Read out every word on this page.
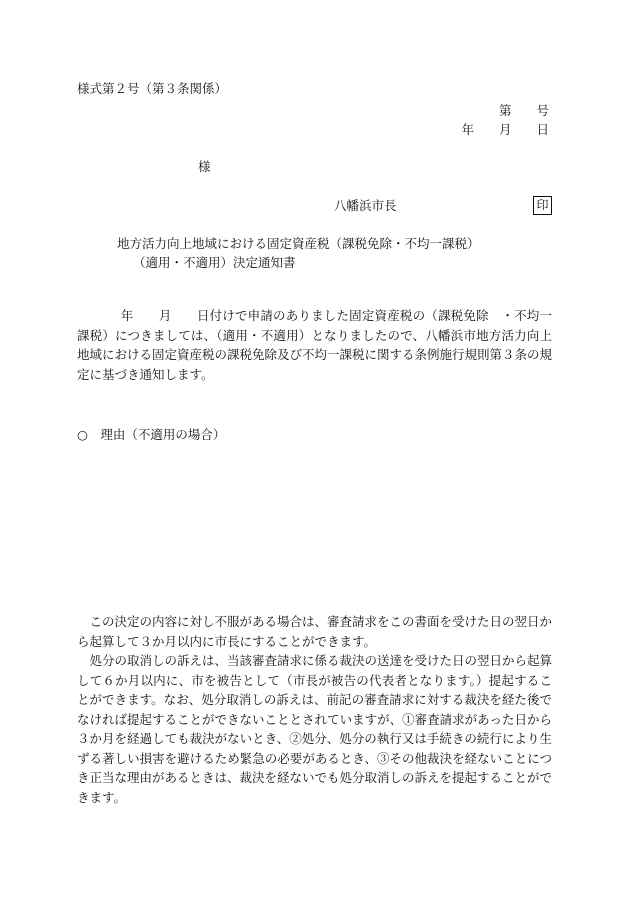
様式第２号（第３条関係）
第　　号
年　　月　　日
様
八幡浜市長	印
地方活力向上地域における固定資産税（課税免除・不均一課税）
（適用・不適用）決定通知書
年　　月　　日付けで申請のありました固定資産税の（課税免除　・不均一課税）につきましては、（適用・不適用）となりましたので、八幡浜市地方活力向上地域における固定資産税の課税免除及び不均一課税に関する条例施行規則第３条の規定に基づき通知します。
○　理由（不適用の場合）
この決定の内容に対し不服がある場合は、審査請求をこの書面を受けた日の翌日から起算して３か月以内に市長にすることができます。
処分の取消しの訴えは、当該審査請求に係る裁決の送達を受けた日の翌日から起算して６か月以内に、市を被告として（市長が被告の代表者となります。）提起することができます。なお、処分取消しの訴えは、前記の審査請求に対する裁決を経た後でなければ提起することができないこととされていますが、①審査請求があった日から３か月を経過しても裁決がないとき、②処分、処分の執行又は手続きの続行により生ずる著しい損害を避けるため緊急の必要があるとき、③その他裁決を経ないことにつき正当な理由があるときは、裁決を経ないでも処分取消しの訴えを提起することができます。
